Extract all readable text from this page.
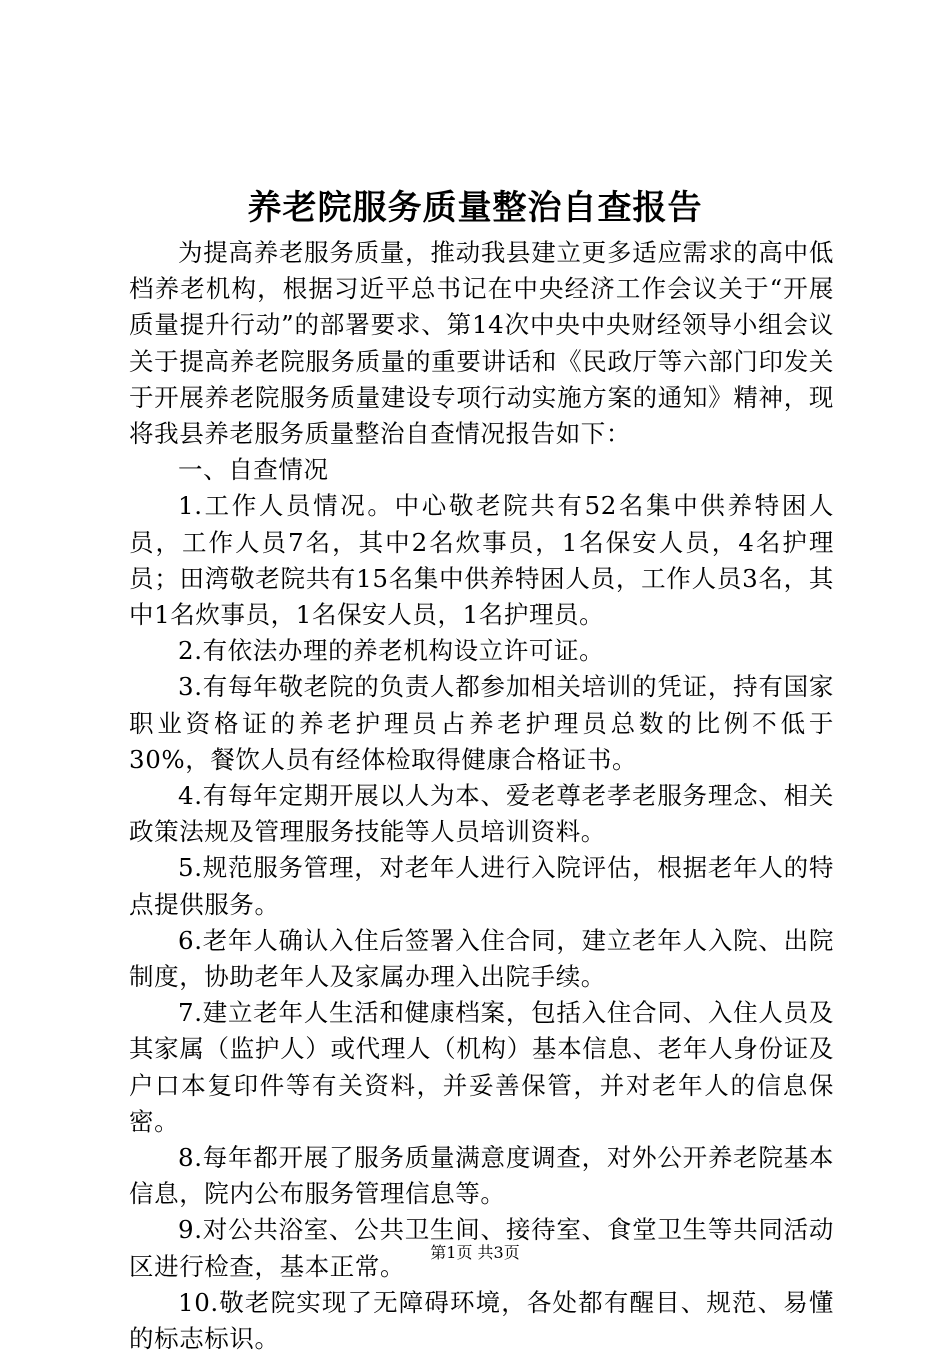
养老院服务质量整治自查报告

为提高养老服务质量，推动我县建立更多适应需求的高中低档养老机构，根据习近平总书记在中央经济工作会议关于“开展质量提升行动”的部署要求、第14次中央中央财经领导小组会议关于提高养老院服务质量的重要讲话和《民政厅等六部门印发关于开展养老院服务质量建设专项行动实施方案的通知》精神，现将我县养老服务质量整治自查情况报告如下：

一、自查情况

1.工作人员情况。中心敬老院共有52名集中供养特困人员，工作人员7名，其中2名炊事员，1名保安人员，4名护理员；田湾敬老院共有15名集中供养特困人员，工作人员3名，其中1名炊事员，1名保安人员，1名护理员。

2.有依法办理的养老机构设立许可证。

3.有每年敬老院的负责人都参加相关培训的凭证，持有国家职业资格证的养老护理员占养老护理员总数的比例不低于30%，餐饮人员有经体检取得健康合格证书。

4.有每年定期开展以人为本、爱老尊老孝老服务理念、相关政策法规及管理服务技能等人员培训资料。

5.规范服务管理，对老年人进行入院评估，根据老年人的特点提供服务。

6.老年人确认入住后签署入住合同，建立老年人入院、出院制度，协助老年人及家属办理入出院手续。

7.建立老年人生活和健康档案，包括入住合同、入住人员及其家属（监护人）或代理人（机构）基本信息、老年人身份证及户口本复印件等有关资料，并妥善保管，并对老年人的信息保密。

8.每年都开展了服务质量满意度调查，对外公开养老院基本信息，院内公布服务管理信息等。

9.对公共浴室、公共卫生间、接待室、食堂卫生等共同活动区进行检查，基本正常。

10.敬老院实现了无障碍环境，各处都有醒目、规范、易懂的标志标识。

第1页 共3页
